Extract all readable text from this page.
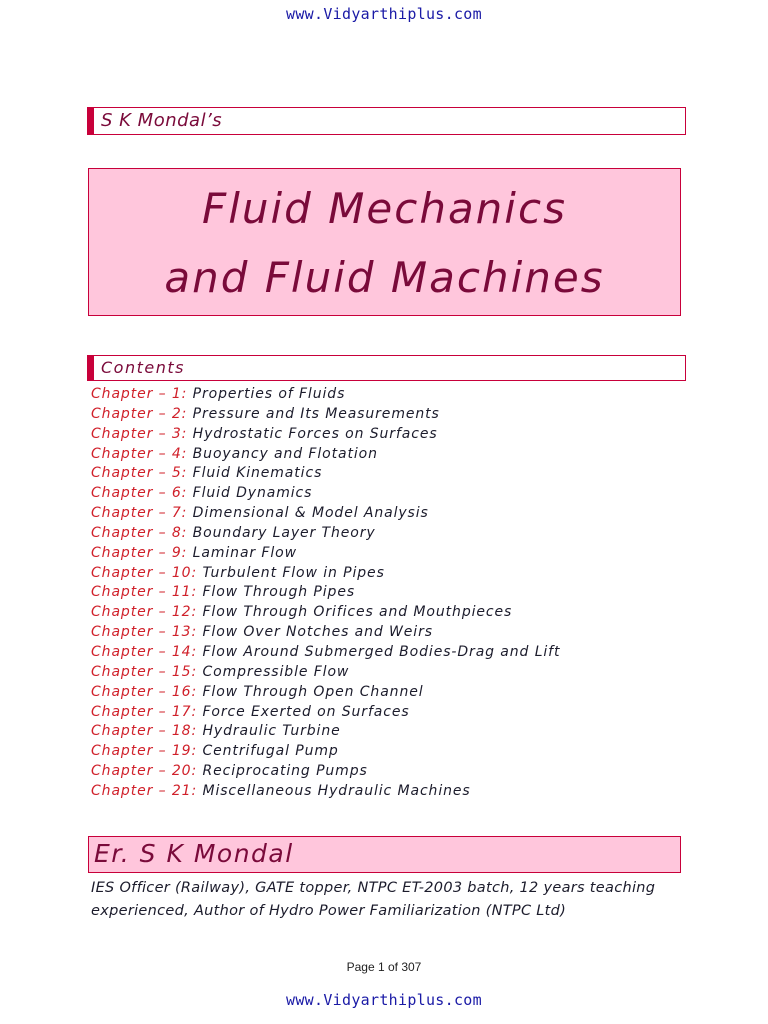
www.Vidyarthiplus.com
S K Mondal’s
Fluid Mechanics
and Fluid Machines
Contents
Chapter – 1: Properties of Fluids
Chapter – 2: Pressure and Its Measurements
Chapter – 3: Hydrostatic Forces on Surfaces
Chapter – 4: Buoyancy and Flotation
Chapter – 5: Fluid Kinematics
Chapter – 6: Fluid Dynamics
Chapter – 7: Dimensional & Model Analysis
Chapter – 8: Boundary Layer Theory
Chapter – 9: Laminar Flow
Chapter – 10: Turbulent Flow in Pipes
Chapter – 11: Flow Through Pipes
Chapter – 12: Flow Through Orifices and Mouthpieces
Chapter – 13: Flow Over Notches and Weirs
Chapter – 14: Flow Around Submerged Bodies-Drag and Lift
Chapter – 15: Compressible Flow
Chapter – 16: Flow Through Open Channel
Chapter – 17: Force Exerted on Surfaces
Chapter – 18: Hydraulic Turbine
Chapter – 19: Centrifugal Pump
Chapter – 20: Reciprocating Pumps
Chapter – 21: Miscellaneous Hydraulic Machines
Er. S K Mondal
IES Officer (Railway), GATE topper, NTPC ET-2003 batch, 12 years teaching
experienced, Author of Hydro Power Familiarization (NTPC Ltd)
Page 1 of 307
www.Vidyarthiplus.com
